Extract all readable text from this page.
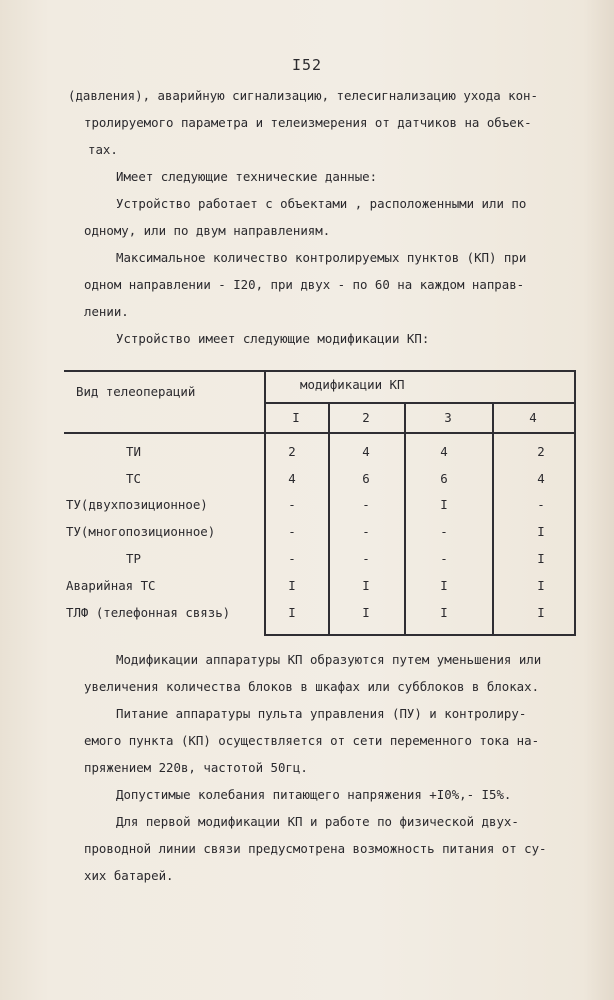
I52
(давления), аварийную сигнализацию, телесигнализацию ухода кон-
тролируемого параметра и телеизмерения от датчиков на объек-
тах.
Имеет следующие технические данные:
Устройство работает с объектами , расположенными или по
одному, или по двум направлениям.
Максимальное количество контролируемых пунктов (КП) при
одном направлении - I20, при двух - по 60 на каждом направ-
лении.
Устройство имеет следующие модификации КП:
Вид телеопераций	модификации КП
I	2	3	4
ТИ	2	4	4	2
ТС	4	6	6	4
ТУ(двухпозиционное)	-	-	I	-
ТУ(многопозиционное)	-	-	-	I
ТР	-	-	-	I
Аварийная ТС	I	I	I	I
ТЛФ (телефонная связь)	I	I	I	I
Модификации аппаратуры КП образуются путем уменьшения или
увеличения количества блоков в шкафах или субблоков в блоках.
Питание аппаратуры пульта управления (ПУ) и контролиру-
емого пункта (КП) осуществляется от сети переменного тока на-
пряжением 220в, частотой 50гц.
Допустимые колебания питающего напряжения +I0%,- I5%.
Для первой модификации КП и работе по физической двух-
проводной линии связи предусмотрена возможность питания от су-
хих батарей.
